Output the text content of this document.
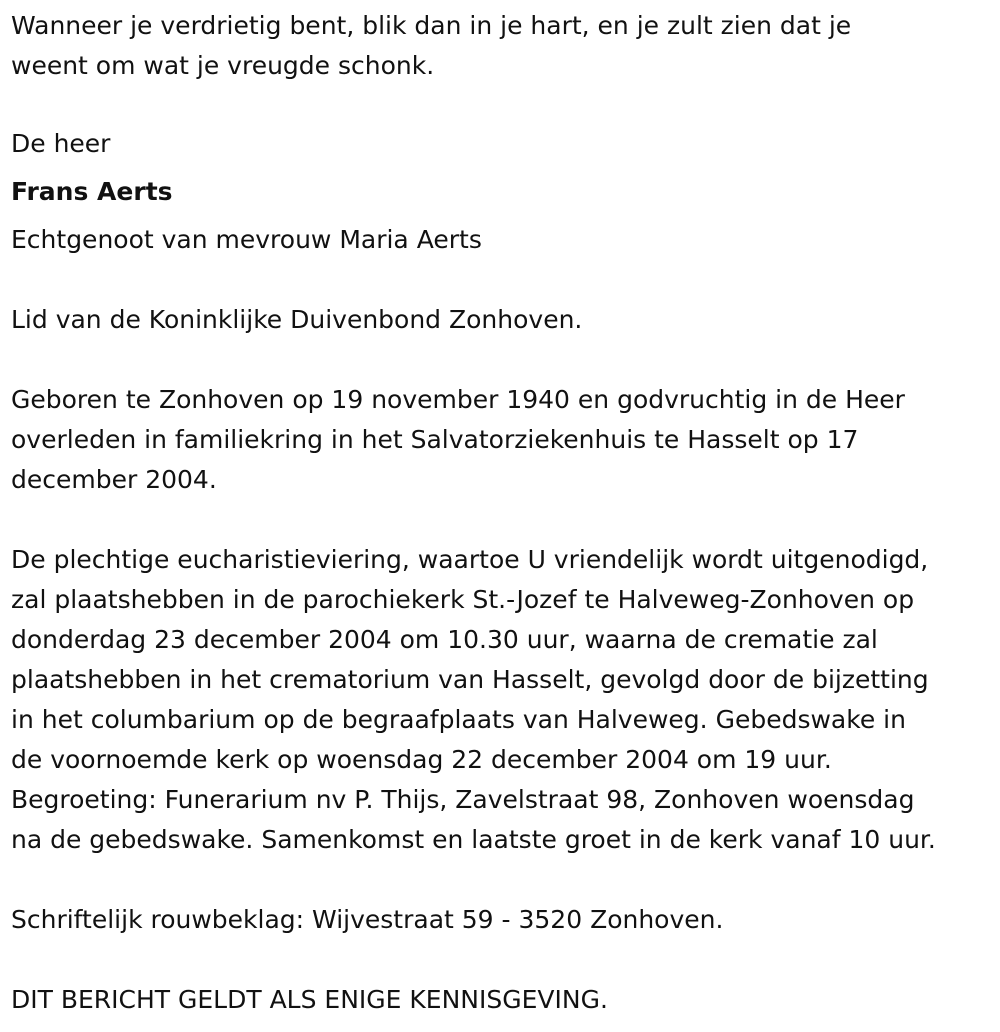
Wanneer je verdrietig bent, blik dan in je hart, en je zult zien dat je
weent om wat je vreugde schonk.

De heer

Frans Aerts

Echtgenoot van mevrouw Maria Aerts

Lid van de Koninklijke Duivenbond Zonhoven.

Geboren te Zonhoven op 19 november 1940 en godvruchtig in de Heer
overleden in familiekring in het Salvatorziekenhuis te Hasselt op 17
december 2004.

De plechtige eucharistieviering, waartoe U vriendelijk wordt uitgenodigd,
zal plaatshebben in de parochiekerk St.-Jozef te Halveweg-Zonhoven op
donderdag 23 december 2004 om 10.30 uur, waarna de crematie zal
plaatshebben in het crematorium van Hasselt, gevolgd door de bijzetting
in het columbarium op de begraafplaats van Halveweg. Gebedswake in
de voornoemde kerk op woensdag 22 december 2004 om 19 uur.
Begroeting: Funerarium nv P. Thijs, Zavelstraat 98, Zonhoven woensdag
na de gebedswake. Samenkomst en laatste groet in de kerk vanaf 10 uur.

Schriftelijk rouwbeklag: Wijvestraat 59 - 3520 Zonhoven.

DIT BERICHT GELDT ALS ENIGE KENNISGEVING.
